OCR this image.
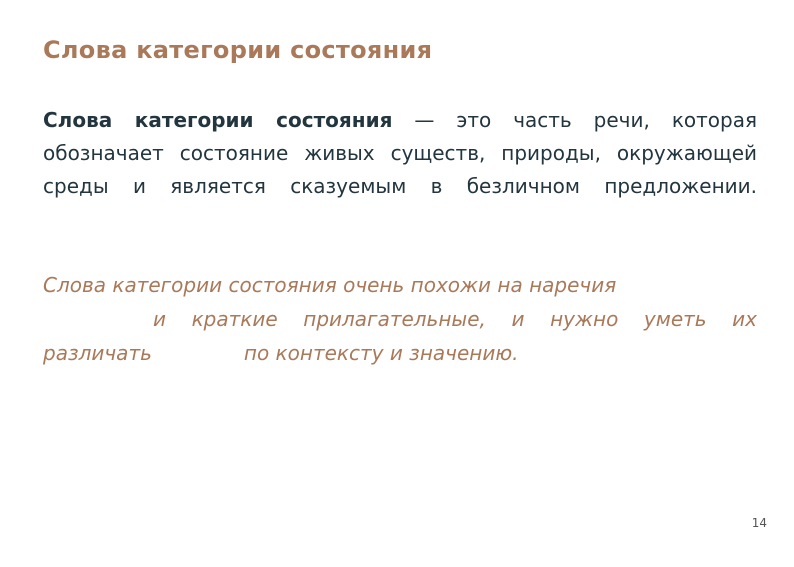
Слова категории состояния

Слова категории состояния — это часть речи, которая обозначает состояние живых существ, природы, окружающей среды и является сказуемым в безличном предложении.

Слова категории состояния очень похожи на наречия
и краткие прилагательные, и нужно уметь их
различать	по контексту и значению.

14
